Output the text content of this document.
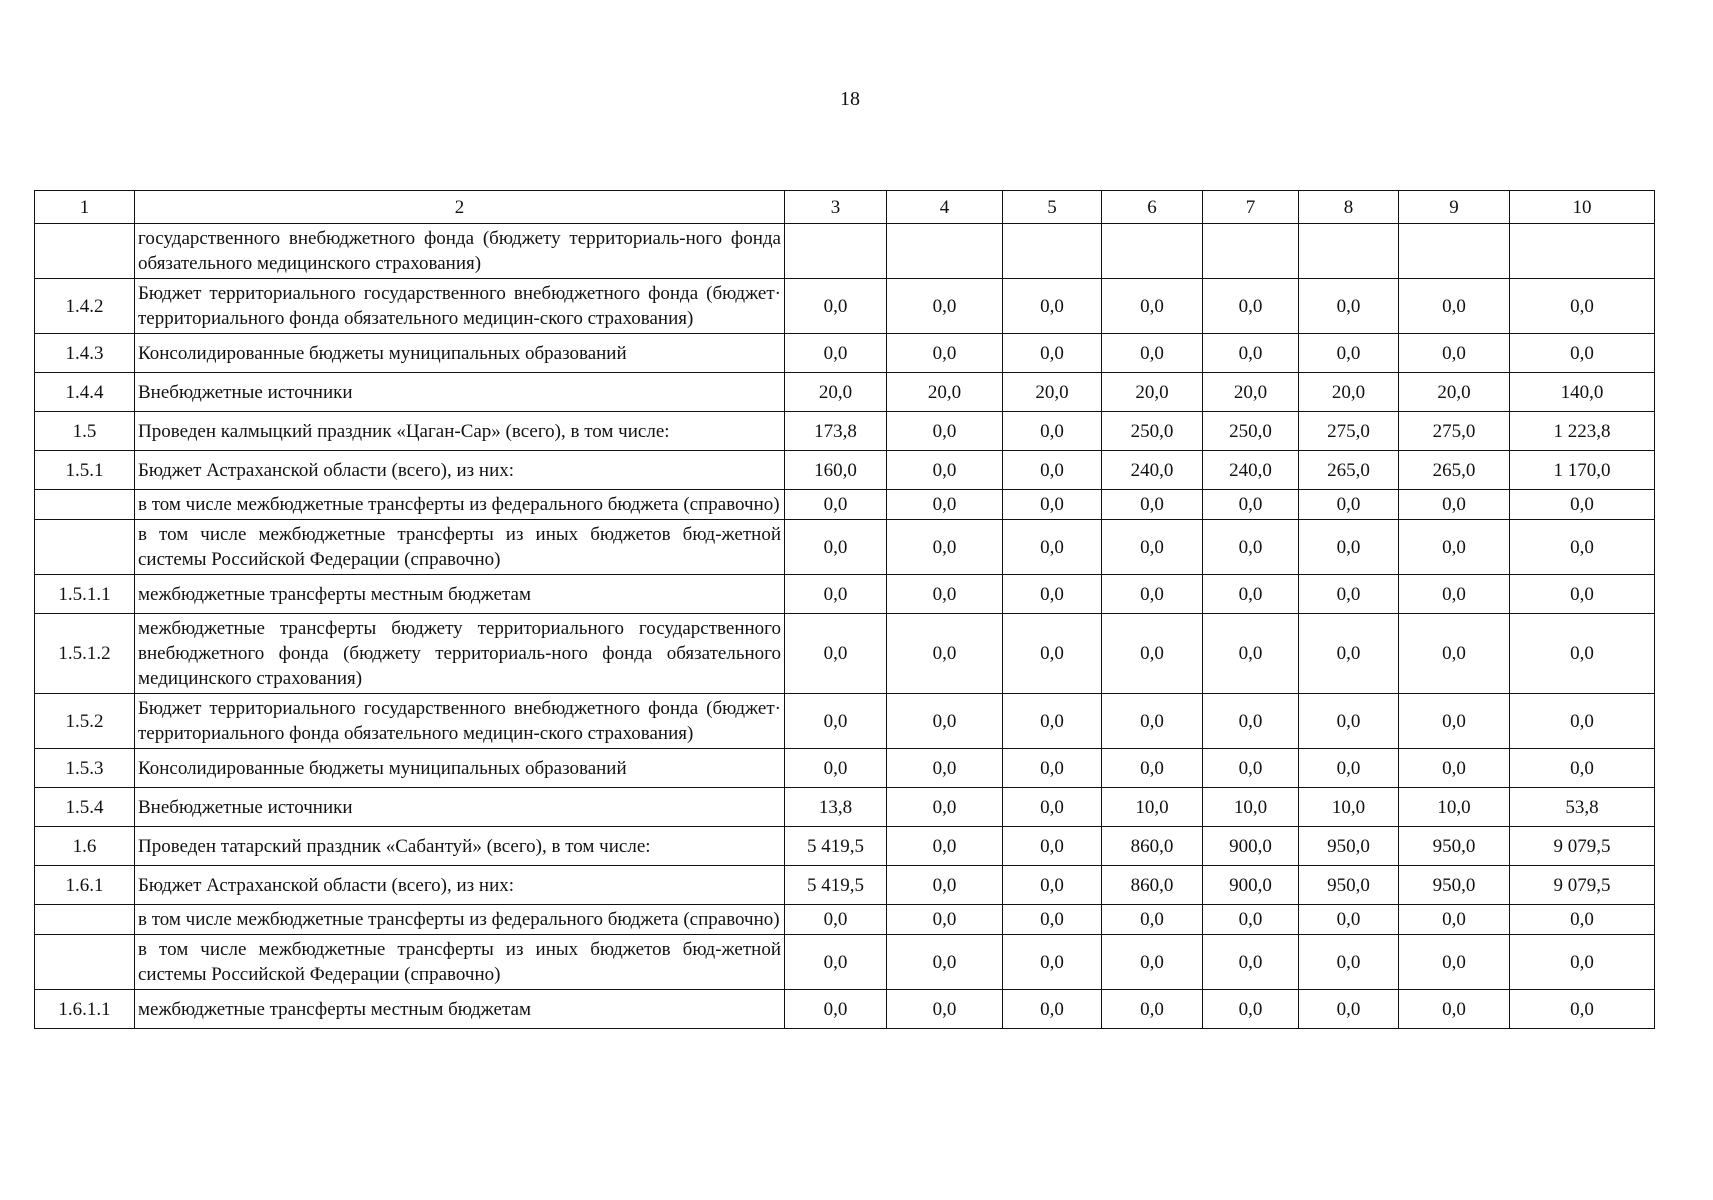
18
1	2	3	4	5	6	7	8	9	10
	государственного внебюджетного фонда (бюджету территориаль-ного фонда обязательного медицинского страхования)								
1.4.2	Бюджет территориального государственного внебюджетного фонда (бюджет· территориального фонда обязательного медицин-ского страхования)	0,0	0,0	0,0	0,0	0,0	0,0	0,0	0,0
1.4.3	Консолидированные бюджеты муниципальных образований	0,0	0,0	0,0	0,0	0,0	0,0	0,0	0,0
1.4.4	Внебюджетные источники	20,0	20,0	20,0	20,0	20,0	20,0	20,0	140,0
1.5	Проведен калмыцкий праздник «Цаган-Сар» (всего), в том числе:	173,8	0,0	0,0	250,0	250,0	275,0	275,0	1 223,8
1.5.1	Бюджет Астраханской области (всего), из них:	160,0	0,0	0,0	240,0	240,0	265,0	265,0	1 170,0
	в том числе межбюджетные трансферты из федерального бюджета (справочно)	0,0	0,0	0,0	0,0	0,0	0,0	0,0	0,0
	в том числе межбюджетные трансферты из иных бюджетов бюд-жетной системы Российской Федерации (справочно)	0,0	0,0	0,0	0,0	0,0	0,0	0,0	0,0
1.5.1.1	межбюджетные трансферты местным бюджетам	0,0	0,0	0,0	0,0	0,0	0,0	0,0	0,0
1.5.1.2	межбюджетные трансферты бюджету территориального государственного внебюджетного фонда (бюджету территориаль-ного фонда обязательного медицинского страхования)	0,0	0,0	0,0	0,0	0,0	0,0	0,0	0,0
1.5.2	Бюджет территориального государственного внебюджетного фонда (бюджет· территориального фонда обязательного медицин-ского страхования)	0,0	0,0	0,0	0,0	0,0	0,0	0,0	0,0
1.5.3	Консолидированные бюджеты муниципальных образований	0,0	0,0	0,0	0,0	0,0	0,0	0,0	0,0
1.5.4	Внебюджетные источники	13,8	0,0	0,0	10,0	10,0	10,0	10,0	53,8
1.6	Проведен татарский праздник «Сабантуй» (всего), в том числе:	5 419,5	0,0	0,0	860,0	900,0	950,0	950,0	9 079,5
1.6.1	Бюджет Астраханской области (всего), из них:	5 419,5	0,0	0,0	860,0	900,0	950,0	950,0	9 079,5
	в том числе межбюджетные трансферты из федерального бюджета (справочно)	0,0	0,0	0,0	0,0	0,0	0,0	0,0	0,0
	в том числе межбюджетные трансферты из иных бюджетов бюд-жетной системы Российской Федерации (справочно)	0,0	0,0	0,0	0,0	0,0	0,0	0,0	0,0
1.6.1.1	межбюджетные трансферты местным бюджетам	0,0	0,0	0,0	0,0	0,0	0,0	0,0	0,0
